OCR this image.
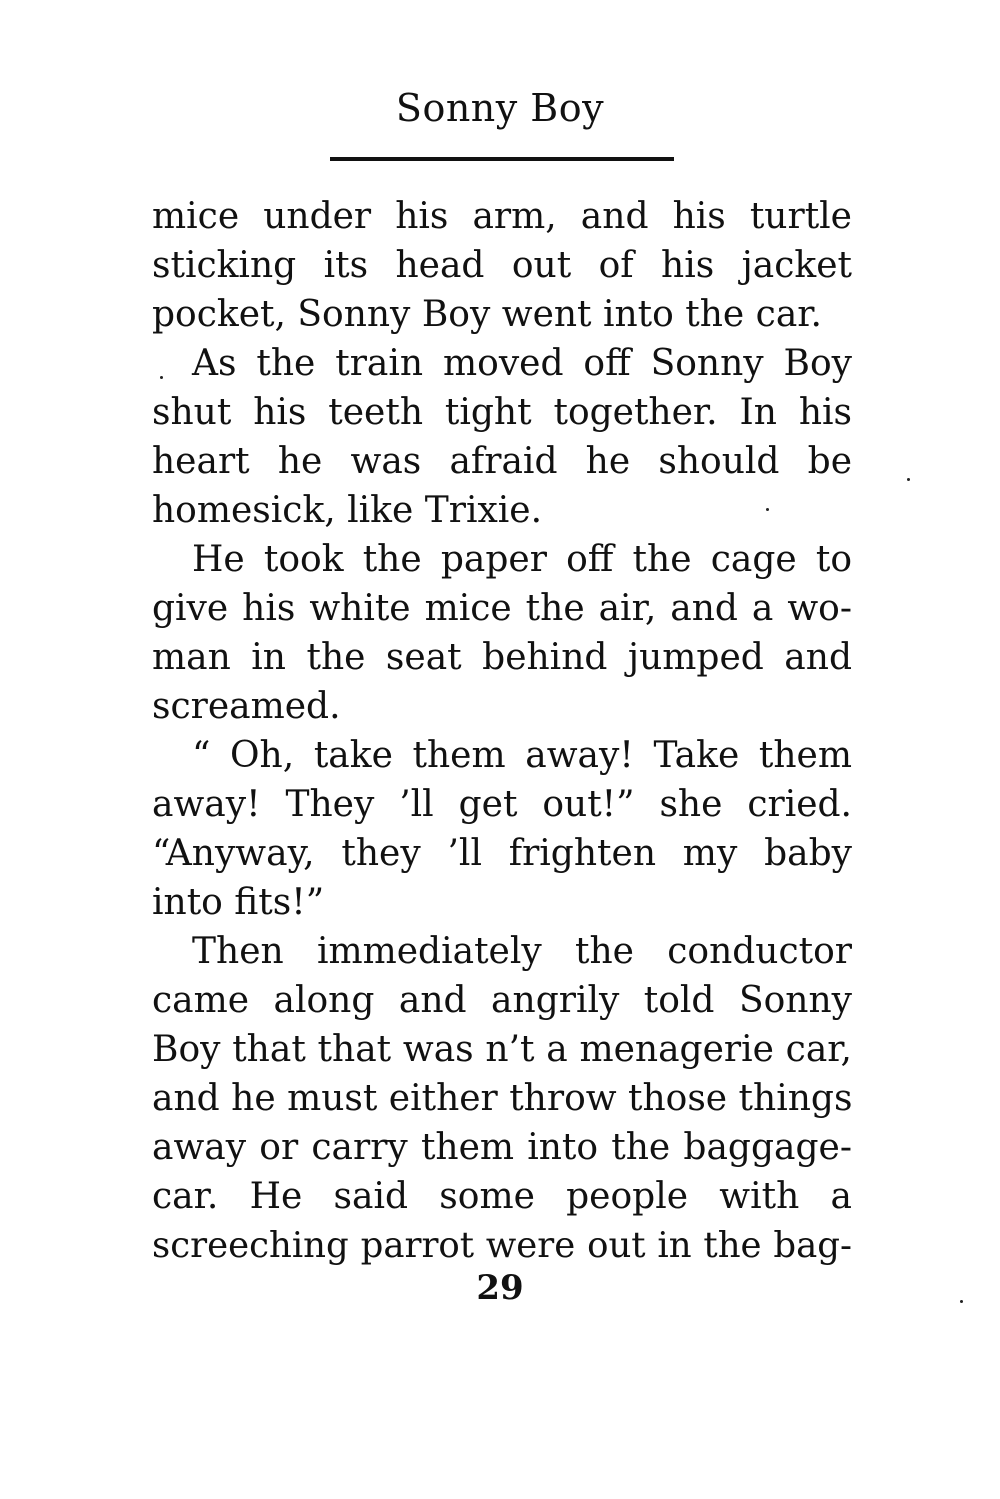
Sonny Boy
mice under his arm, and his turtle
sticking its head out of his jacket
pocket, Sonny Boy went into the car.
As the train moved off Sonny Boy
shut his teeth tight together. In his
heart he was afraid he should be
homesick, like Trixie.
He took the paper off the cage to
give his white mice the air, and a wo-
man in the seat behind jumped and
screamed.
“ Oh, take them away! Take them
away! They ’ll get out!” she cried.
“Anyway, they ’ll frighten my baby
into fits!”
Then immediately the conductor
came along and angrily told Sonny
Boy that that was n’t a menagerie car,
and he must either throw those things
away or carry them into the baggage-
car. He said some people with a
screeching parrot were out in the bag-
29
